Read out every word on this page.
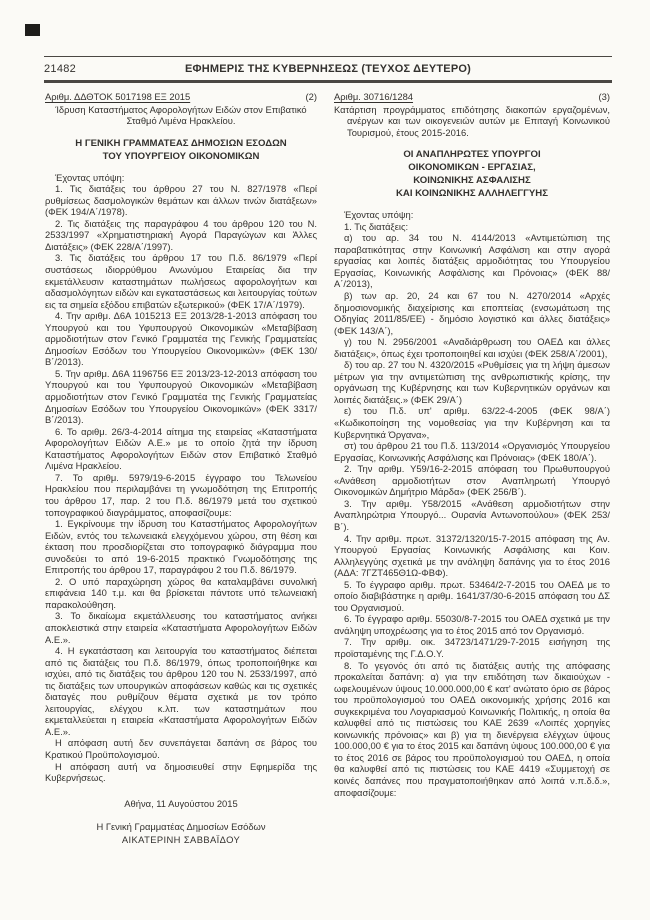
21482	ΕΦΗΜΕΡΙΣ ΤΗΣ ΚΥΒΕΡΝΗΣΕΩΣ (ΤΕΥΧΟΣ ΔΕΥΤΕΡΟ)
Αριθμ. ΔΔΘΤΟΚ 5017198 ΕΞ 2015	(2)

Ίδρυση Καταστήματος Αφορολογήτων Ειδών στον Επιβατικό Σταθμό Λιμένα Ηρακλείου.

Η ΓΕΝΙΚΗ ΓΡΑΜΜΑΤΕΑΣ ΔΗΜΟΣΙΩΝ ΕΣΟΔΩΝ
ΤΟΥ ΥΠΟΥΡΓΕΙΟΥ ΟΙΚΟΝΟΜΙΚΩΝ

Έχοντας υπόψη:

1. Τις διατάξεις του άρθρου 27 του Ν. 827/1978 «Περί ρυθμίσεως δασμολογικών θεμάτων και άλλων τινών διατάξεων» (ΦΕΚ 194/Α΄/1978).

2. Τις διατάξεις της παραγράφου 4 του άρθρου 120 του Ν. 2533/1997 «Χρηματιστηριακή Αγορά Παραγώγων και Άλλες Διατάξεις» (ΦΕΚ 228/Α΄/1997).

3. Τις διατάξεις του άρθρου 17 του Π.δ. 86/1979 «Περί συστάσεως ιδιορρύθμου Ανωνύμου Εταιρείας δια την εκμετάλλευσιν καταστημάτων πωλήσεως αφορολογήτων και αδασμολόγητων ειδών και εγκαταστάσεως και λειτουργίας τούτων εις τα σημεία εξόδου επιβατών εξωτερικού» (ΦΕΚ 17/Α΄/1979).

4. Την αριθμ. Δ6Α 1015213 ΕΞ 2013/28-1-2013 απόφαση του Υπουργού και του Υφυπουργού Οικονομικών «Μεταβίβαση αρμοδιοτήτων στον Γενικό Γραμματέα της Γενικής Γραμματείας Δημοσίων Εσόδων του Υπουργείου Οικονομικών» (ΦΕΚ 130/Β΄/2013).

5. Την αριθμ. Δ6Α 1196756 ΕΞ 2013/23-12-2013 απόφαση του Υπουργού και του Υφυπουργού Οικονομικών «Μεταβίβαση αρμοδιοτήτων στον Γενικό Γραμματέα της Γενικής Γραμματείας Δημοσίων Εσόδων του Υπουργείου Οικονομικών» (ΦΕΚ 3317/Β΄/2013).

6. Το αριθμ. 26/3-4-2014 αίτημα της εταιρείας «Καταστήματα Αφορολογήτων Ειδών Α.Ε.» με το οποίο ζητά την ίδρυση Καταστήματος Αφορολογήτων Ειδών στον Επιβατικό Σταθμό Λιμένα Ηρακλείου.

7. Το αριθμ. 5979/19-6-2015 έγγραφο του Τελωνείου Ηρακλείου που περιλαμβάνει τη γνωμοδότηση της Επιτροπής του άρθρου 17, παρ. 2 του Π.δ. 86/1979 μετά του σχετικού τοπογραφικού διαγράμματος, αποφασίζουμε:

1. Εγκρίνουμε την ίδρυση του Καταστήματος Αφορολογήτων Ειδών, εντός του τελωνειακά ελεγχόμενου χώρου, στη θέση και έκταση που προσδιορίζεται στο τοπογραφικό διάγραμμα που συνοδεύει το από 19-6-2015 πρακτικό Γνωμοδότησης της Επιτροπής του άρθρου 17, παραγράφου 2 του Π.δ. 86/1979.

2. Ο υπό παραχώρηση χώρος θα καταλαμβάνει συνολική επιφάνεια 140 τ.μ. και θα βρίσκεται πάντοτε υπό τελωνειακή παρακολούθηση.

3. Το δικαίωμα εκμετάλλευσης του καταστήματος ανήκει αποκλειστικά στην εταιρεία «Καταστήματα Αφορολογήτων Ειδών Α.Ε.».

4. Η εγκατάσταση και λειτουργία του καταστήματος διέπεται από τις διατάξεις του Π.δ. 86/1979, όπως τροποποιήθηκε και ισχύει, από τις διατάξεις του άρθρου 120 του Ν. 2533/1997, από τις διατάξεις των υπουργικών αποφάσεων καθώς και τις σχετικές διαταγές που ρυθμίζουν θέματα σχετικά με τον τρόπο λειτουργίας, ελέγχου κ.λπ. των καταστημάτων που εκμεταλλεύεται η εταιρεία «Καταστήματα Αφορολογήτων Ειδών Α.Ε.».

Η απόφαση αυτή δεν συνεπάγεται δαπάνη σε βάρος του Κρατικού Προϋπολογισμού.

Η απόφαση αυτή να δημοσιευθεί στην Εφημερίδα της Κυβερνήσεως.

Αθήνα, 11 Αυγούστου 2015

Η Γενική Γραμματέας Δημοσίων Εσόδων

ΑΙΚΑΤΕΡΙΝΗ ΣΑΒΒΑΪΔΟΥ

Αριθμ. 30716/1284	(3)

Κατάρτιση προγράμματος επιδότησης διακοπών εργαζομένων, ανέργων και των οικογενειών αυτών με Επιταγή Κοινωνικού Τουρισμού, έτους 2015-2016.

ΟΙ ΑΝΑΠΛΗΡΩΤΕΣ ΥΠΟΥΡΓΟΙ
ΟΙΚΟΝΟΜΙΚΩΝ - ΕΡΓΑΣΙΑΣ,
ΚΟΙΝΩΝΙΚΗΣ ΑΣΦΑΛΙΣΗΣ
ΚΑΙ ΚΟΙΝΩΝΙΚΗΣ ΑΛΛΗΛΕΓΓΥΗΣ

Έχοντας υπόψη:

1. Τις διατάξεις:

α) του αρ. 34 του Ν. 4144/2013 «Αντιμετώπιση της παραβατικότητας στην Κοινωνική Ασφάλιση και στην αγορά εργασίας και λοιπές διατάξεις αρμοδιότητας του Υπουργείου Εργασίας, Κοινωνικής Ασφάλισης και Πρόνοιας» (ΦΕΚ 88/Α΄/2013),

β) των αρ. 20, 24 και 67 του Ν. 4270/2014 «Αρχές δημοσιονομικής διαχείρισης και εποπτείας (ενσωμάτωση της Οδηγίας 2011/85/ΕΕ) - δημόσιο λογιστικό και άλλες διατάξεις» (ΦΕΚ 143/Α΄),

γ) του Ν. 2956/2001 «Αναδιάρθρωση του ΟΑΕΔ και άλλες διατάξεις», όπως έχει τροποποιηθεί και ισχύει (ΦΕΚ 258/Α΄/2001),

δ) του αρ. 27 του Ν. 4320/2015 «Ρυθμίσεις για τη λήψη άμεσων μέτρων για την αντιμετώπιση της ανθρωπιστικής κρίσης, την οργάνωση της Κυβέρνησης και των Κυβερνητικών οργάνων και λοιπές διατάξεις.» (ΦΕΚ 29/Α΄)

ε) του Π.δ. υπ' αριθμ. 63/22-4-2005 (ΦΕΚ 98/Α΄) «Κωδικοποίηση της νομοθεσίας για την Κυβέρνηση και τα Κυβερνητικά Όργανα»,

στ) του άρθρου 21 του Π.δ. 113/2014 «Οργανισμός Υπουργείου Εργασίας, Κοινωνικής Ασφάλισης και Πρόνοιας» (ΦΕΚ 180/Α΄).

2. Την αριθμ. Υ59/16-2-2015 απόφαση του Πρωθυπουργού «Ανάθεση αρμοδιοτήτων στον Αναπληρωτή Υπουργό Οικονομικών Δημήτριο Μάρδα» (ΦΕΚ 256/Β΄).

3. Την αριθμ. Υ58/2015 «Ανάθεση αρμοδιοτήτων στην Αναπληρώτρια Υπουργό... Ουρανία Αντωνοπούλου» (ΦΕΚ 253/Β΄).

4. Την αριθμ. πρωτ. 31372/1320/15-7-2015 απόφαση της Αν. Υπουργού Εργασίας Κοινωνικής Ασφάλισης και Κοιν. Αλληλεγγύης σχετικά με την ανάληψη δαπάνης για το έτος 2016 (ΑΔΑ: 7ΓΖΤ465Θ1Ω-ΦΒΦ).

5. Το έγγραφο αριθμ. πρωτ. 53464/2-7-2015 του ΟΑΕΔ με το οποίο διαβιβάστηκε η αριθμ. 1641/37/30-6-2015 απόφαση του ΔΣ του Οργανισμού.

6. Το έγγραφο αριθμ. 55030/8-7-2015 του ΟΑΕΔ σχετικά με την ανάληψη υποχρέωσης για το έτος 2015 από τον Οργανισμό.

7. Την αριθμ. οικ. 34723/1471/29-7-2015 εισήγηση της προϊσταμένης της Γ.Δ.Ο.Υ.

8. Το γεγονός ότι από τις διατάξεις αυτής της απόφασης προκαλείται δαπάνη: α) για την επιδότηση των δικαιούχων - ωφελουμένων ύψους 10.000.000,00 € κατ' ανώτατο όριο σε βάρος του προϋπολογισμού του ΟΑΕΔ οικονομικής χρήσης 2016 και συγκεκριμένα του Λογαριασμού Κοινωνικής Πολιτικής, η οποία θα καλυφθεί από τις πιστώσεις του ΚΑΕ 2639 «Λοιπές χορηγίες κοινωνικής πρόνοιας» και β) για τη διενέργεια ελέγχων ύψους 100.000,00 € για το έτος 2015 και δαπάνη ύψους 100.000,00 € για το έτος 2016 σε βάρος του προϋπολογισμού του ΟΑΕΔ, η οποία θα καλυφθεί από τις πιστώσεις του ΚΑΕ 4419 «Συμμετοχή σε κοινές δαπάνες που πραγματοποιήθηκαν από λοιπά ν.π.δ.δ.», αποφασίζουμε:
